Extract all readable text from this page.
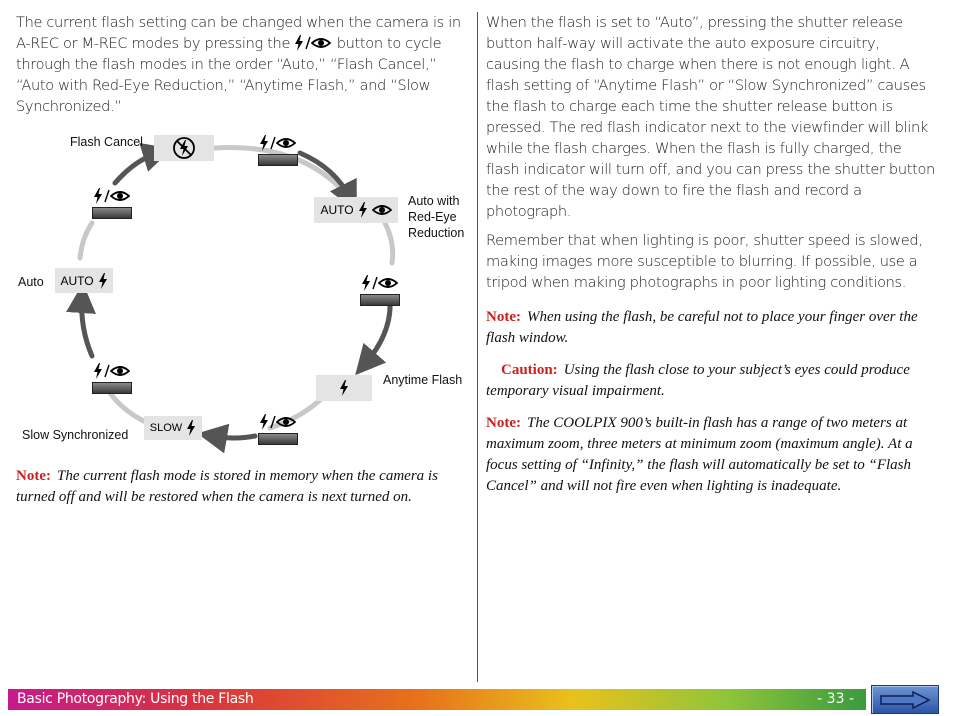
The current flash setting can be changed when the camera is in A-REC or M-REC modes by pressing the	button to cycle through the flash modes in the order “Auto,” “Flash Cancel,” “Auto with Red-Eye Reduction,” “Anytime Flash,” and “Slow Synchronized.”

Flash Cancel
AUTO
Auto with
Red-Eye
Reduction
Auto AUTO
Anytime Flash
Slow Synchronized SLOW

Note: The current flash mode is stored in memory when the camera is turned off and will be restored when the camera is next turned on.

When the flash is set to “Auto”, pressing the shutter release button half-way will activate the auto exposure circuitry, causing the flash to charge when there is not enough light. A flash setting of “Anytime Flash” or “Slow Synchronized” causes the flash to charge each time the shutter release button is pressed. The red flash indicator next to the viewfinder will blink while the flash charges. When the flash is fully charged, the flash indicator will turn off, and you can press the shutter button the rest of the way down to fire the flash and record a photograph.

Remember that when lighting is poor, shutter speed is slowed, making images more susceptible to blurring. If possible, use a tripod when making photographs in poor lighting conditions.

Note: When using the flash, be careful not to place your finger over the flash window.

Caution: Using the flash close to your subject’s eyes could produce temporary visual impairment.

Note: The COOLPIX 900’s built-in flash has a range of two meters at maximum zoom, three meters at minimum zoom (maximum angle). At a focus setting of “Infinity,” the flash will automatically be set to “Flash Cancel” and will not fire even when lighting is inadequate.

Basic Photography: Using the Flash	- 33 -
